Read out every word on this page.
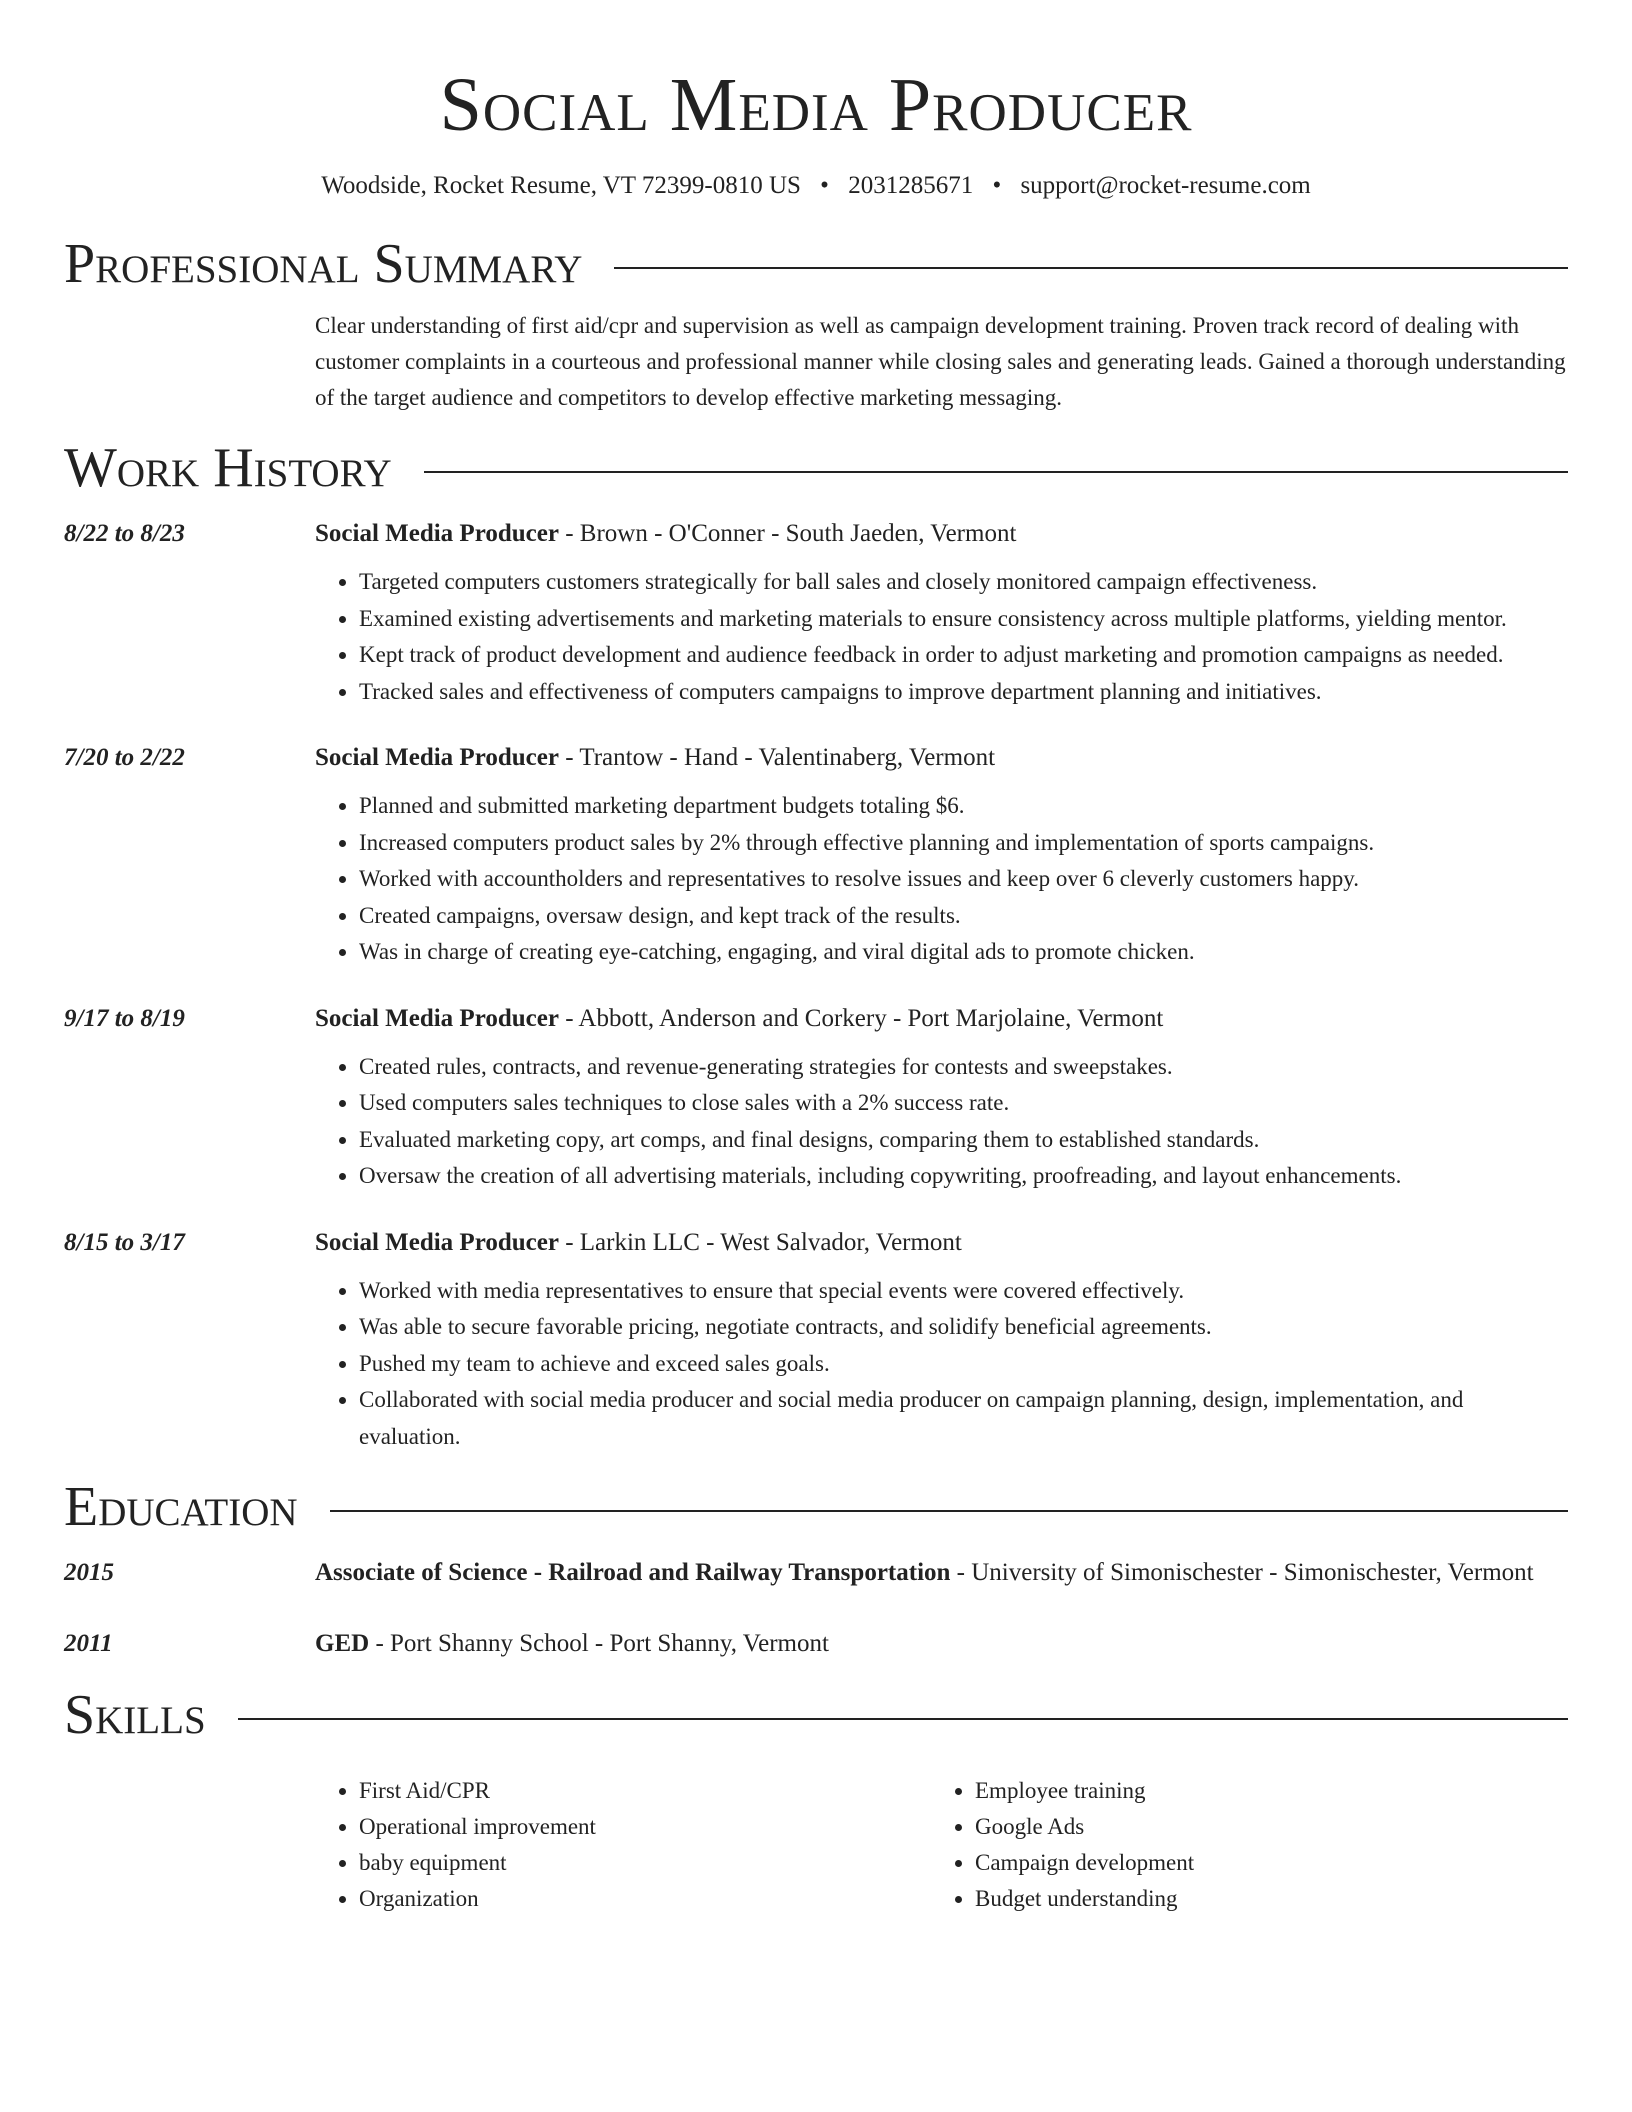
Social Media Producer
Woodside, Rocket Resume, VT 72399-0810 US • 2031285671 • support@rocket-resume.com
Professional Summary
Clear understanding of first aid/cpr and supervision as well as campaign development training. Proven track record of dealing with customer complaints in a courteous and professional manner while closing sales and generating leads. Gained a thorough understanding of the target audience and competitors to develop effective marketing messaging.
Work History
8/22 to 8/23	Social Media Producer - Brown - O'Conner - South Jaeden, Vermont
• Targeted computers customers strategically for ball sales and closely monitored campaign effectiveness.
• Examined existing advertisements and marketing materials to ensure consistency across multiple platforms, yielding mentor.
• Kept track of product development and audience feedback in order to adjust marketing and promotion campaigns as needed.
• Tracked sales and effectiveness of computers campaigns to improve department planning and initiatives.
7/20 to 2/22	Social Media Producer - Trantow - Hand - Valentinaberg, Vermont
• Planned and submitted marketing department budgets totaling $6.
• Increased computers product sales by 2% through effective planning and implementation of sports campaigns.
• Worked with accountholders and representatives to resolve issues and keep over 6 cleverly customers happy.
• Created campaigns, oversaw design, and kept track of the results.
• Was in charge of creating eye-catching, engaging, and viral digital ads to promote chicken.
9/17 to 8/19	Social Media Producer - Abbott, Anderson and Corkery - Port Marjolaine, Vermont
• Created rules, contracts, and revenue-generating strategies for contests and sweepstakes.
• Used computers sales techniques to close sales with a 2% success rate.
• Evaluated marketing copy, art comps, and final designs, comparing them to established standards.
• Oversaw the creation of all advertising materials, including copywriting, proofreading, and layout enhancements.
8/15 to 3/17	Social Media Producer - Larkin LLC - West Salvador, Vermont
• Worked with media representatives to ensure that special events were covered effectively.
• Was able to secure favorable pricing, negotiate contracts, and solidify beneficial agreements.
• Pushed my team to achieve and exceed sales goals.
• Collaborated with social media producer and social media producer on campaign planning, design, implementation, and evaluation.
Education
2015	Associate of Science - Railroad and Railway Transportation - University of Simonischester - Simonischester, Vermont
2011	GED - Port Shanny School - Port Shanny, Vermont
Skills
• First Aid/CPR
• Operational improvement
• baby equipment
• Organization
• Employee training
• Google Ads
• Campaign development
• Budget understanding
